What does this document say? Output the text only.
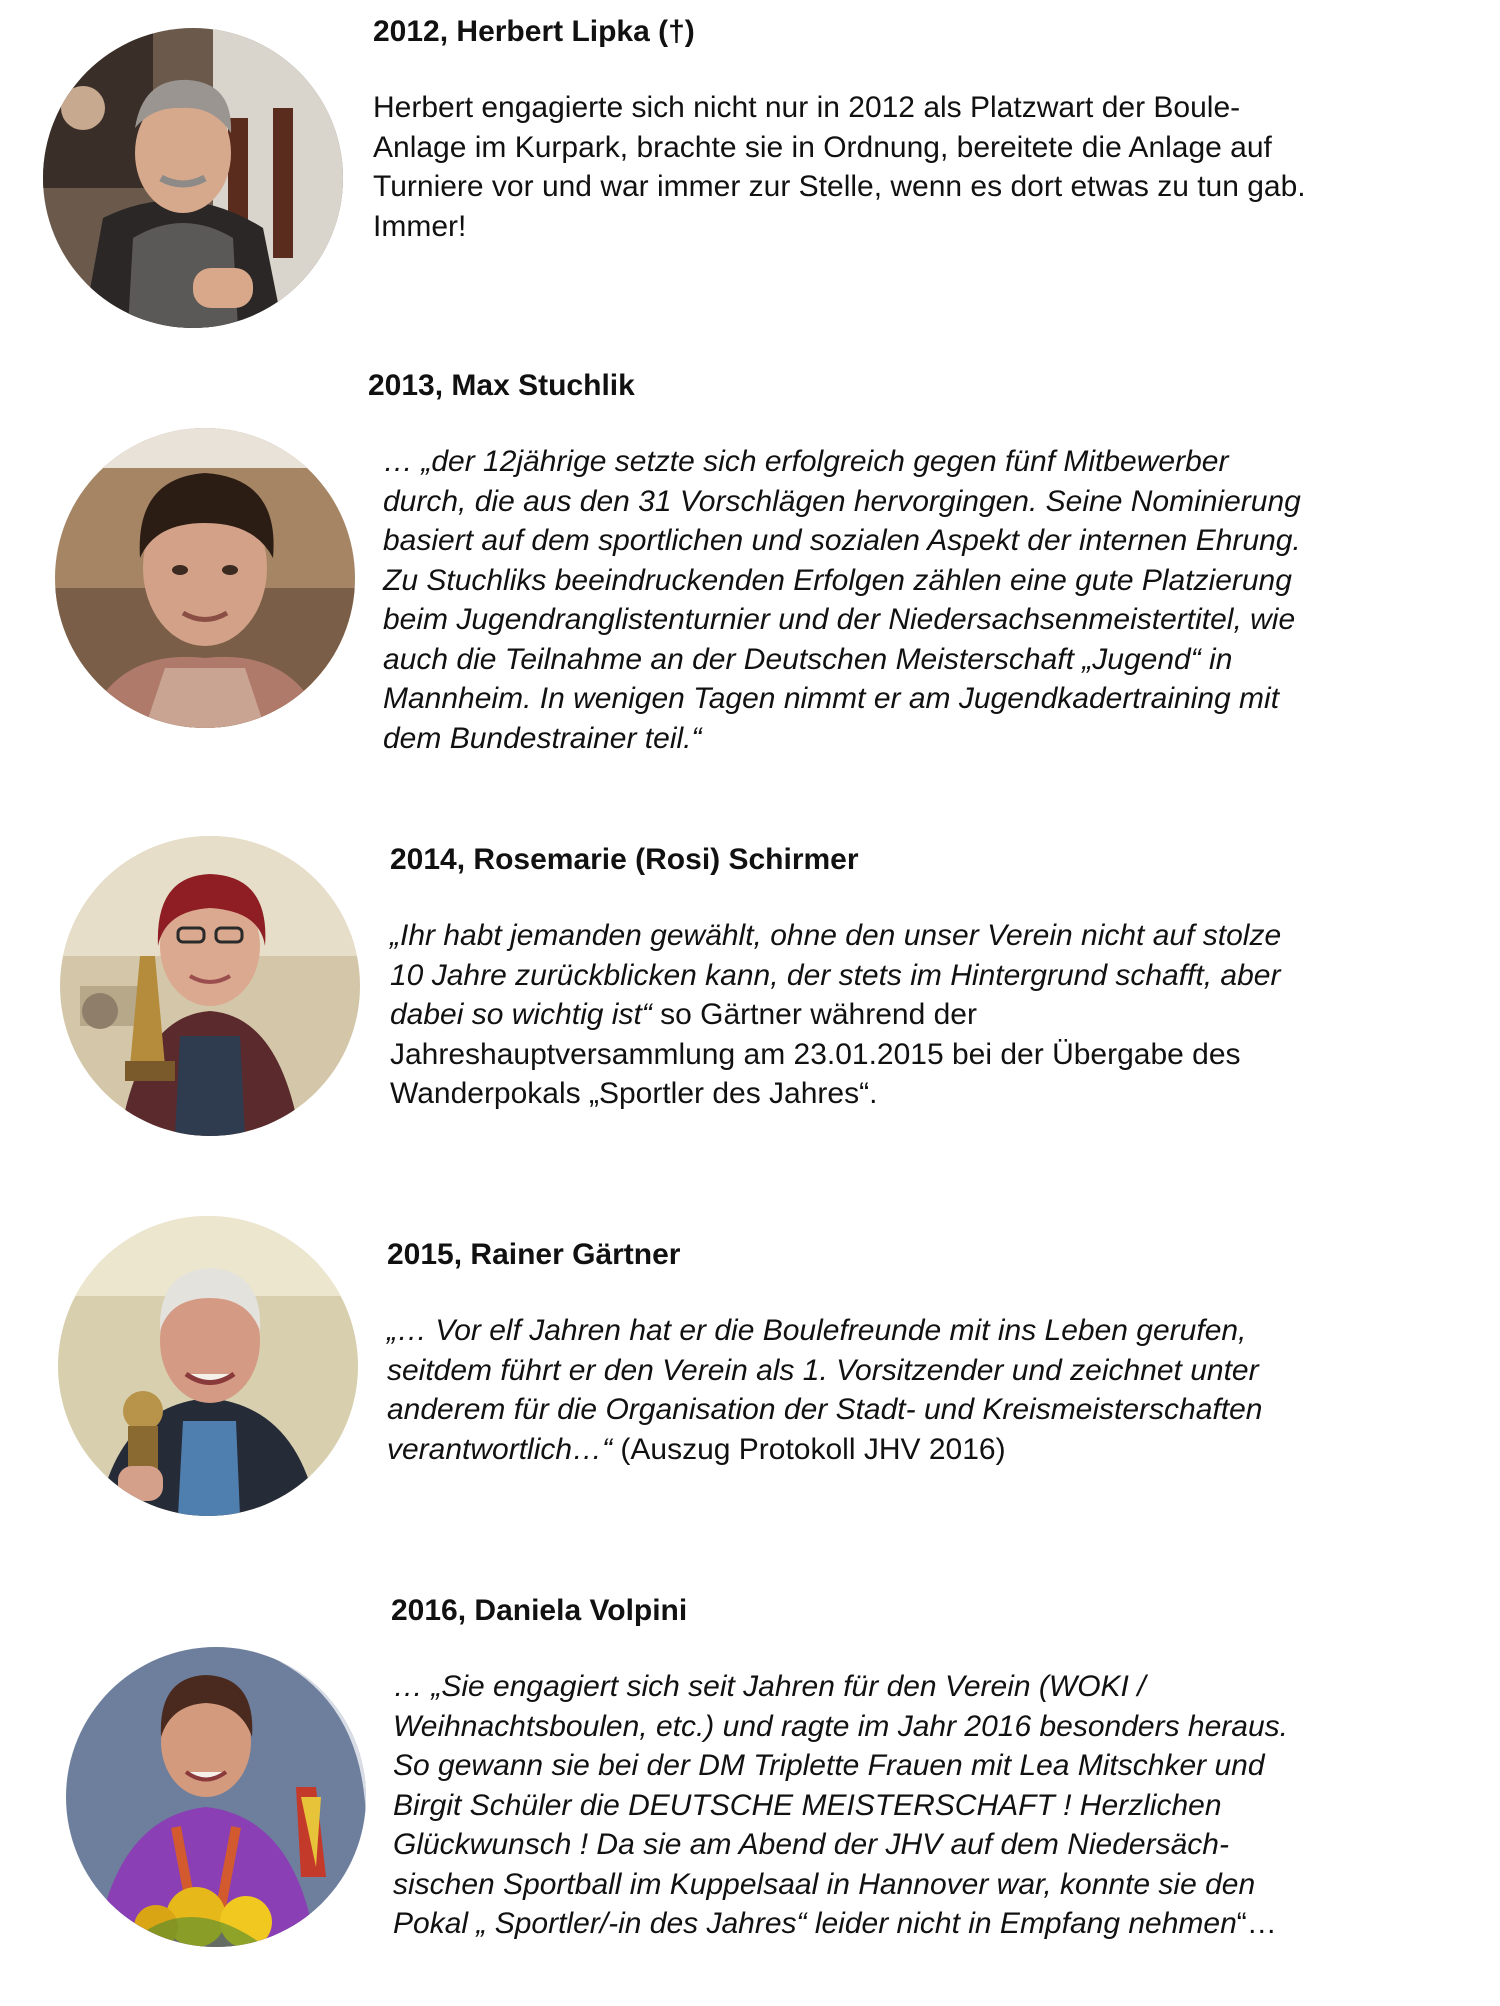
2012, Herbert Lipka (†)

Herbert engagierte sich nicht nur in 2012 als Platzwart der Boule-
Anlage im Kurpark, brachte sie in Ordnung, bereitete die Anlage auf
Turniere vor und war immer zur Stelle, wenn es dort etwas zu tun gab.
Immer!

2013, Max Stuchlik

… „der 12jährige setzte sich erfolgreich gegen fünf Mitbewerber
durch, die aus den 31 Vorschlägen hervorgingen. Seine Nominierung
basiert auf dem sportlichen und sozialen Aspekt der internen Ehrung.
Zu Stuchliks beeindruckenden Erfolgen zählen eine gute Platzierung
beim Jugendranglistenturnier und der Niedersachsenmeistertitel, wie
auch die Teilnahme an der Deutschen Meisterschaft „Jugend“ in
Mannheim. In wenigen Tagen nimmt er am Jugendkadertraining mit
dem Bundestrainer teil.“

2014, Rosemarie (Rosi) Schirmer

„Ihr habt jemanden gewählt, ohne den unser Verein nicht auf stolze
10 Jahre zurückblicken kann, der stets im Hintergrund schafft, aber
dabei so wichtig ist“ so Gärtner während der
Jahreshauptversammlung am 23.01.2015 bei der Übergabe des
Wanderpokals „Sportler des Jahres“.

2015, Rainer Gärtner

„… Vor elf Jahren hat er die Boulefreunde mit ins Leben gerufen,
seitdem führt er den Verein als 1. Vorsitzender und zeichnet unter
anderem für die Organisation der Stadt- und Kreismeisterschaften
verantwortlich…“ (Auszug Protokoll JHV 2016)

2016, Daniela Volpini

… „Sie engagiert sich seit Jahren für den Verein (WOKI /
Weihnachtsboulen, etc.) und ragte im Jahr 2016 besonders heraus.
So gewann sie bei der DM Triplette Frauen mit Lea Mitschker und
Birgit Schüler die DEUTSCHE MEISTERSCHAFT ! Herzlichen
Glückwunsch ! Da sie am Abend der JHV auf dem Niedersäch-
sischen Sportball im Kuppelsaal in Hannover war, konnte sie den
Pokal „ Sportler/-in des Jahres“ leider nicht in Empfang nehmen“…
